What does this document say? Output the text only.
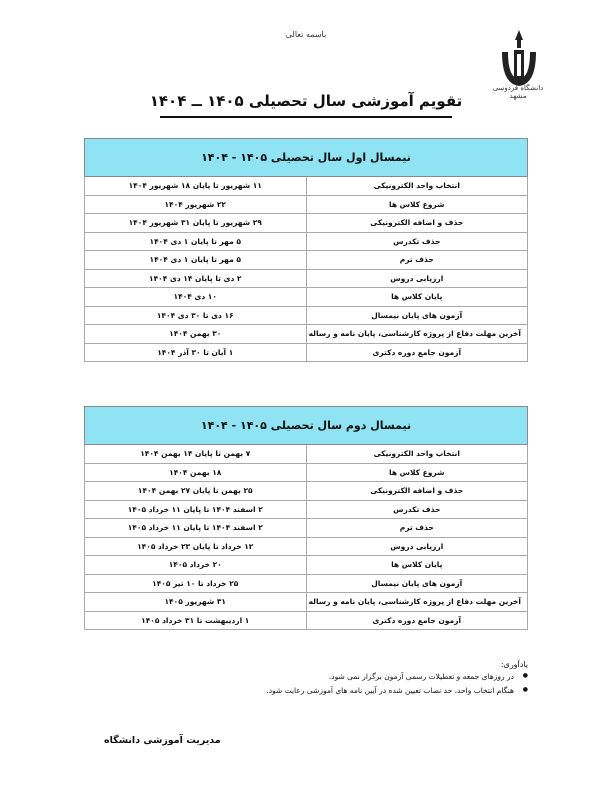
باسمه تعالی
دانشگاه فردوسی مشهد
تقویم آموزشی سال تحصیلی ۱۴۰۵ ــ ۱۴۰۴
نیمسال اول سال تحصیلی ۱۴۰۵ - ۱۴۰۴	
انتخاب واحد الکترونیکی	۱۱ شهریور تا پایان ۱۸ شهریور ۱۴۰۴
شروع کلاس ها	۲۲ شهریور ۱۴۰۴
حذف و اضافه الکترونیکی	۲۹ شهریور تا پایان ۳۱ شهریور ۱۴۰۴
حذف تکدرس	۵ مهر تا پایان ۱ دی ۱۴۰۴
حذف ترم	۵ مهر تا پایان ۱ دی ۱۴۰۴
ارزیابی دروس	۲ دی تا پایان ۱۴ دی ۱۴۰۴
پایان کلاس ها	۱۰ دی ۱۴۰۴
آزمون های پایان نیمسال	۱۶ دی تا ۳۰ دی ۱۴۰۴
آخرین مهلت دفاع از پروژه کارشناسی، پایان نامه و رساله	۳۰ بهمن ۱۴۰۴
آزمون جامع دوره دکتری	۱ آبان تا ۳۰ آذر ۱۴۰۴
نیمسال دوم سال تحصیلی ۱۴۰۵ - ۱۴۰۴	
انتخاب واحد الکترونیکی	۷ بهمن تا پایان ۱۴ بهمن ۱۴۰۴
شروع کلاس ها	۱۸ بهمن ۱۴۰۴
حذف و اضافه الکترونیکی	۲۵ بهمن تا پایان ۲۷ بهمن ۱۴۰۴
حذف تکدرس	۲ اسفند ۱۴۰۴ تا پایان ۱۱ خرداد ۱۴۰۵
حذف ترم	۲ اسفند ۱۴۰۴ تا پایان ۱۱ خرداد ۱۴۰۵
ارزیابی دروس	۱۲ خرداد تا پایان ۲۳ خرداد ۱۴۰۵
پایان کلاس ها	۲۰ خرداد ۱۴۰۵
آزمون های پایان نیمسال	۲۵ خرداد تا ۱۰ تیر ۱۴۰۵
آخرین مهلت دفاع از پروژه کارشناسی، پایان نامه و رساله	۳۱ شهریور ۱۴۰۵
آزمون جامع دوره دکتری	۱ اردیبهشت تا ۳۱ خرداد ۱۴۰۵
یادآوری:
● در روزهای جمعه و تعطیلات رسمی آزمون برگزار نمی شود.
● هنگام انتخاب واحد، حد نصاب تعیین شده در آیین نامه های آموزشی رعایت شود.
مدیریت آموزشی دانشگاه
